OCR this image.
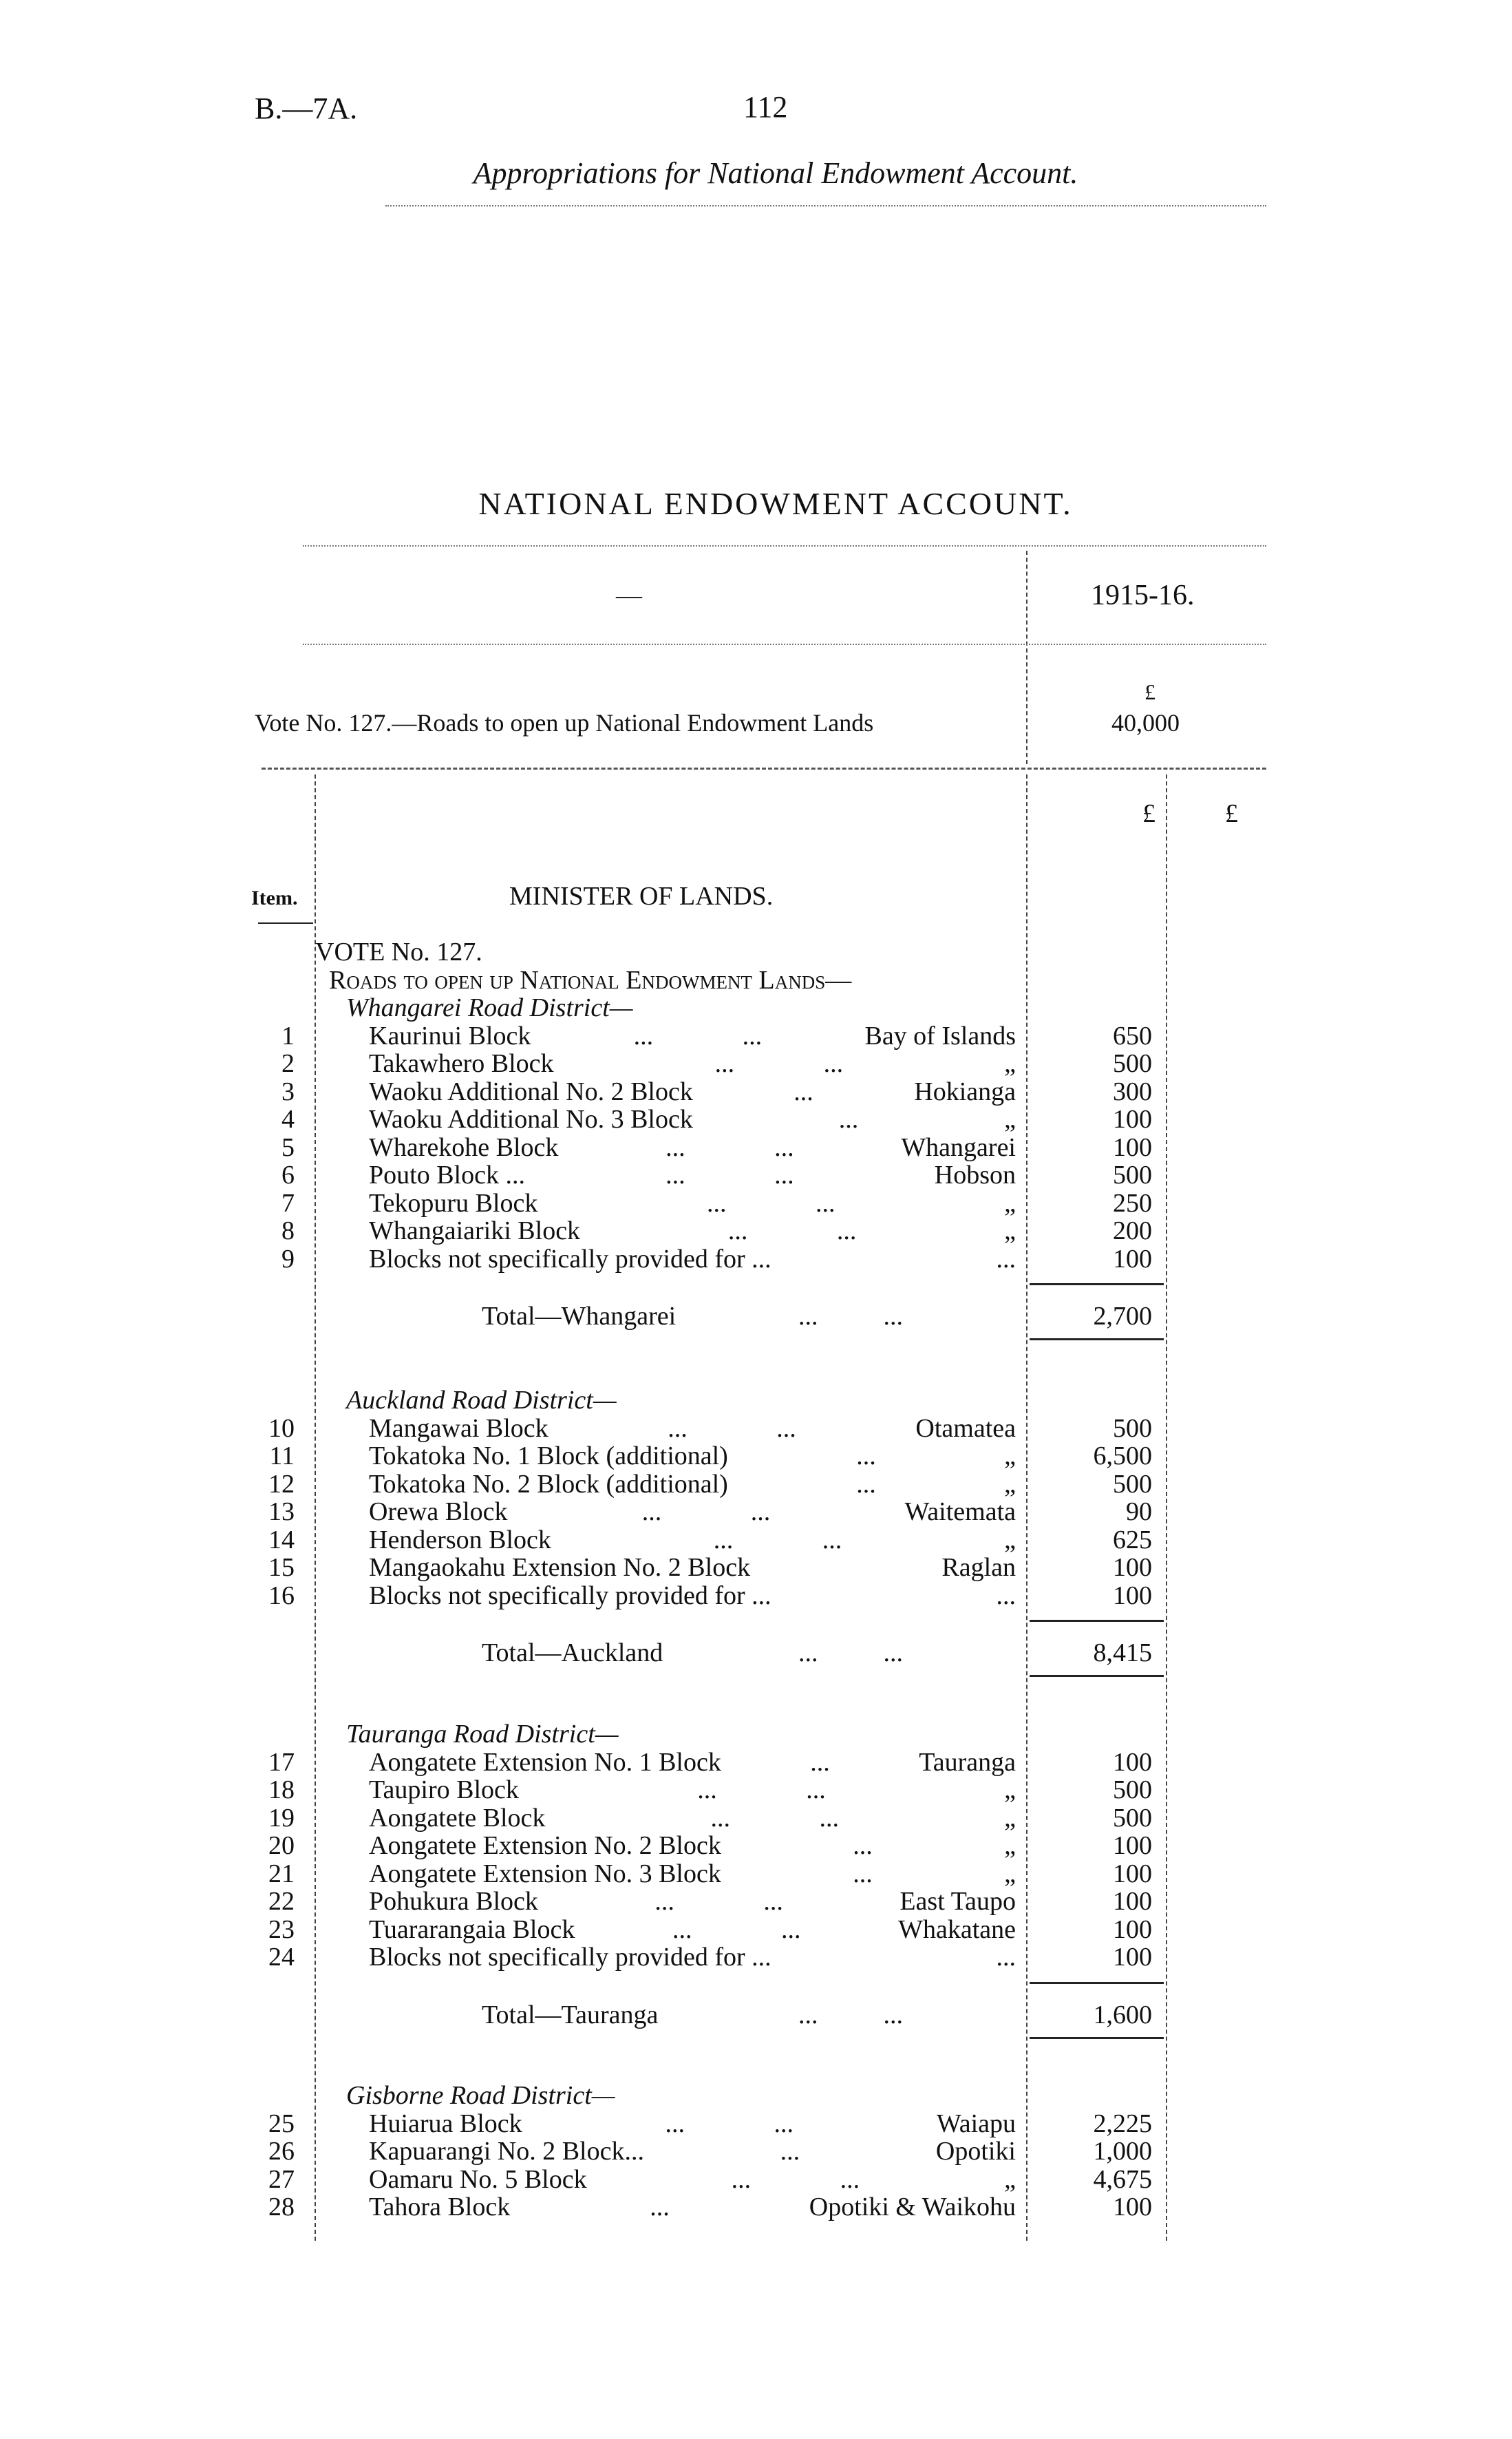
B.—7A.	112
Appropriations for National Endowment Account.
NATIONAL ENDOWMENT ACCOUNT.
—	1915-16.
£
Vote No. 127.—Roads to open up National Endowment Lands	40,000
£	£
Item.	MINISTER OF LANDS.
VOTE No. 127.
Roads to open up National Endowment Lands—
Whangarei Road District—
1	Kaurinui Block	... ...	Bay of Islands	650
2	Takawhero Block	... ...	„	500
3	Waoku Additional No. 2 Block	...	Hokianga	300
4	Waoku Additional No. 3 Block	...	„	100
5	Wharekohe Block	... ...	Whangarei	100
6	Pouto Block ...	... ...	Hobson	500
7	Tekopuru Block	... ...	„	250
8	Whangaiariki Block	... ...	„	200
9	Blocks not specifically provided for ...	...	100
Total—Whangarei	...          ...	2,700
Auckland Road District—
10	Mangawai Block	... ...	Otamatea	500
11	Tokatoka No. 1 Block (additional)	...	„	6,500
12	Tokatoka No. 2 Block (additional)	...	„	500
13	Orewa Block	... ...	Waitemata	90
14	Henderson Block	... ...	„	625
15	Mangaokahu Extension No. 2 Block	Raglan	100
16	Blocks not specifically provided for ...	...	100
Total—Auckland	...          ...	8,415
Tauranga Road District—
17	Aongatete Extension No. 1 Block	...	Tauranga	100
18	Taupiro Block	... ...	„	500
19	Aongatete Block	... ...	„	500
20	Aongatete Extension No. 2 Block	...	„	100
21	Aongatete Extension No. 3 Block	...	„	100
22	Pohukura Block	... ...	East Taupo	100
23	Tuararangaia Block	... ...	Whakatane	100
24	Blocks not specifically provided for ...	...	100
Total—Tauranga	...          ...	1,600
Gisborne Road District—
25	Huiarua Block	... ...	Waiapu	2,225
26	Kapuarangi No. 2 Block...	...	Opotiki	1,000
27	Oamaru No. 5 Block	... ...	„	4,675
28	Tahora Block	...	Opotiki & Waikohu	100
